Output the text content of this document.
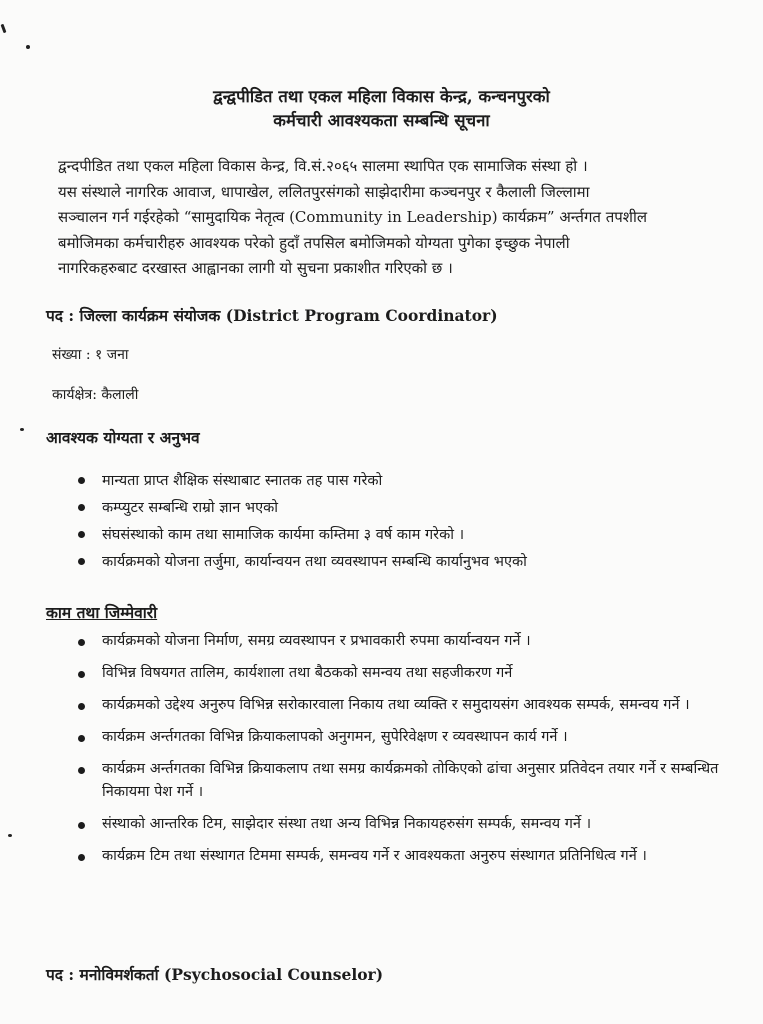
द्वन्द्वपीडित तथा एकल महिला विकास केन्द्र, कन्चनपुरको
कर्मचारी आवश्यकता सम्बन्धि सूचना
द्वन्दपीडित तथा एकल महिला विकास केन्द्र, वि.सं.२०६५ सालमा स्थापित एक सामाजिक संस्था हो ।
यस संस्थाले नागरिक आवाज, धापाखेल, ललितपुरसंगको साझेदारीमा कञ्चनपुर र कैलाली जिल्लामा
सञ्चालन गर्न गईरहेको “सामुदायिक नेतृत्व (Community in Leadership) कार्यक्रम” अर्न्तगत तपशील
बमोजिमका कर्मचारीहरु आवश्यक परेको हुदाँ तपसिल बमोजिमको योग्यता पुगेका इच्छुक नेपाली
नागरिकहरुबाट दरखास्त आह्वानका लागी यो सुचना प्रकाशीत गरिएको छ ।
पद : जिल्ला कार्यक्रम संयोजक (District Program Coordinator)
संख्या : १ जना
कार्यक्षेत्र: कैलाली
आवश्यक योग्यता र अनुभव
मान्यता प्राप्त शैक्षिक संस्थाबाट स्नातक तह पास गरेको
कम्प्युटर सम्बन्धि राम्रो ज्ञान भएको
संघसंस्थाको काम तथा सामाजिक कार्यमा कम्तिमा ३ वर्ष काम गरेको ।
कार्यक्रमको योजना तर्जुमा, कार्यान्वयन तथा व्यवस्थापन सम्बन्धि कार्यानुभव भएको
काम तथा जिम्मेवारी
कार्यक्रमको योजना निर्माण, समग्र व्यवस्थापन र प्रभावकारी रुपमा कार्यान्वयन गर्ने ।
विभिन्न विषयगत तालिम, कार्यशाला तथा बैठकको समन्वय तथा सहजीकरण गर्ने
कार्यक्रमको उद्देश्य अनुरुप विभिन्न सरोकारवाला निकाय तथा व्यक्ति र समुदायसंग आवश्यक सम्पर्क, समन्वय गर्ने ।
कार्यक्रम अर्न्तगतका विभिन्न क्रियाकलापको अनुगमन, सुपेरिवेक्षण र व्यवस्थापन कार्य गर्ने ।
कार्यक्रम अर्न्तगतका विभिन्न क्रियाकलाप तथा समग्र कार्यक्रमको तोकिएको ढांचा अनुसार प्रतिवेदन तयार गर्ने र सम्बन्धित निकायमा पेश गर्ने ।
संस्थाको आन्तरिक टिम, साझेदार संस्था तथा अन्य विभिन्न निकायहरुसंग सम्पर्क, समन्वय गर्ने ।
कार्यक्रम टिम तथा संस्थागत टिममा सम्पर्क, समन्वय गर्ने र आवश्यकता अनुरुप संस्थागत प्रतिनिधित्व गर्ने ।
पद : मनोविमर्शकर्ता (Psychosocial Counselor)
